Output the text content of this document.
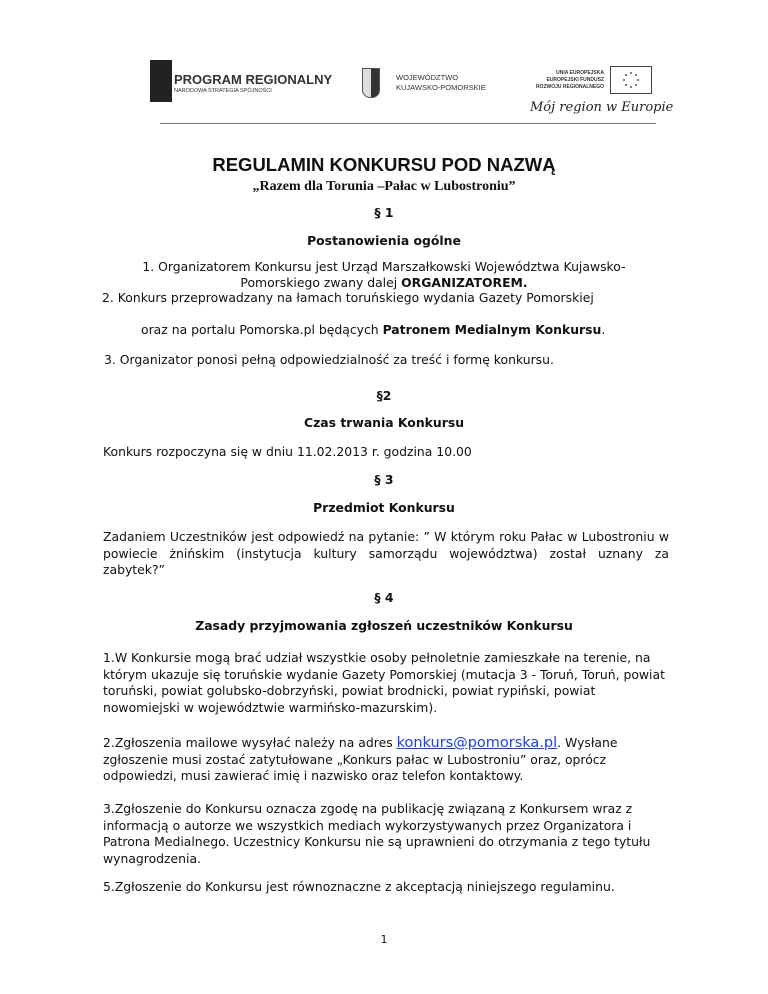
PROGRAM REGIONALNY
NARODOWA STRATEGIA SPÓJNOŚCI
WOJEWÓDZTWO
KUJAWSKO-POMORSKIE
UNIA EUROPEJSKA
EUROPEJSKI FUNDUSZ
ROZWOJU REGIONALNEGO
Mój region w Europie
REGULAMIN KONKURSU POD NAZWĄ
„Razem dla Torunia –Pałac w Lubostroniu”
§ 1
Postanowienia ogólne
1. Organizatorem Konkursu jest Urząd Marszałkowski Województwa Kujawsko-
Pomorskiego zwany dalej ORGANIZATOREM.
2. Konkurs przeprowadzany na łamach toruńskiego wydania Gazety Pomorskiej
oraz na portalu Pomorska.pl będących Patronem Medialnym Konkursu.
3. Organizator ponosi pełną odpowiedzialność za treść i formę konkursu.
§2
Czas trwania Konkursu
Konkurs rozpoczyna się w dniu 11.02.2013 r. godzina 10.00
§ 3
Przedmiot Konkursu
Zadaniem Uczestników jest odpowiedź na pytanie: ” W którym roku Pałac w Lubostroniu w powiecie żnińskim (instytucja kultury samorządu województwa) został uznany za zabytek?”
§ 4
Zasady przyjmowania zgłoszeń uczestników Konkursu
1.W Konkursie mogą brać udział wszystkie osoby pełnoletnie zamieszkałe na terenie, na którym ukazuje się toruńskie wydanie Gazety Pomorskiej (mutacja 3 - Toruń, Toruń, powiat toruński, powiat golubsko-dobrzyński, powiat brodnicki, powiat rypiński, powiat nowomiejski w województwie warmińsko-mazurskim).
2.Zgłoszenia mailowe wysyłać należy na adres konkurs@pomorska.pl. Wysłane zgłoszenie musi zostać zatytułowane „Konkurs pałac w Lubostroniu” oraz, oprócz odpowiedzi, musi zawierać imię i nazwisko oraz telefon kontaktowy.
3.Zgłoszenie do Konkursu oznacza zgodę na publikację związaną z Konkursem wraz z informacją o autorze we wszystkich mediach wykorzystywanych przez Organizatora i Patrona Medialnego. Uczestnicy Konkursu nie są uprawnieni do otrzymania z tego tytułu wynagrodzenia.
5.Zgłoszenie do Konkursu jest równoznaczne z akceptacją niniejszego regulaminu.
1
